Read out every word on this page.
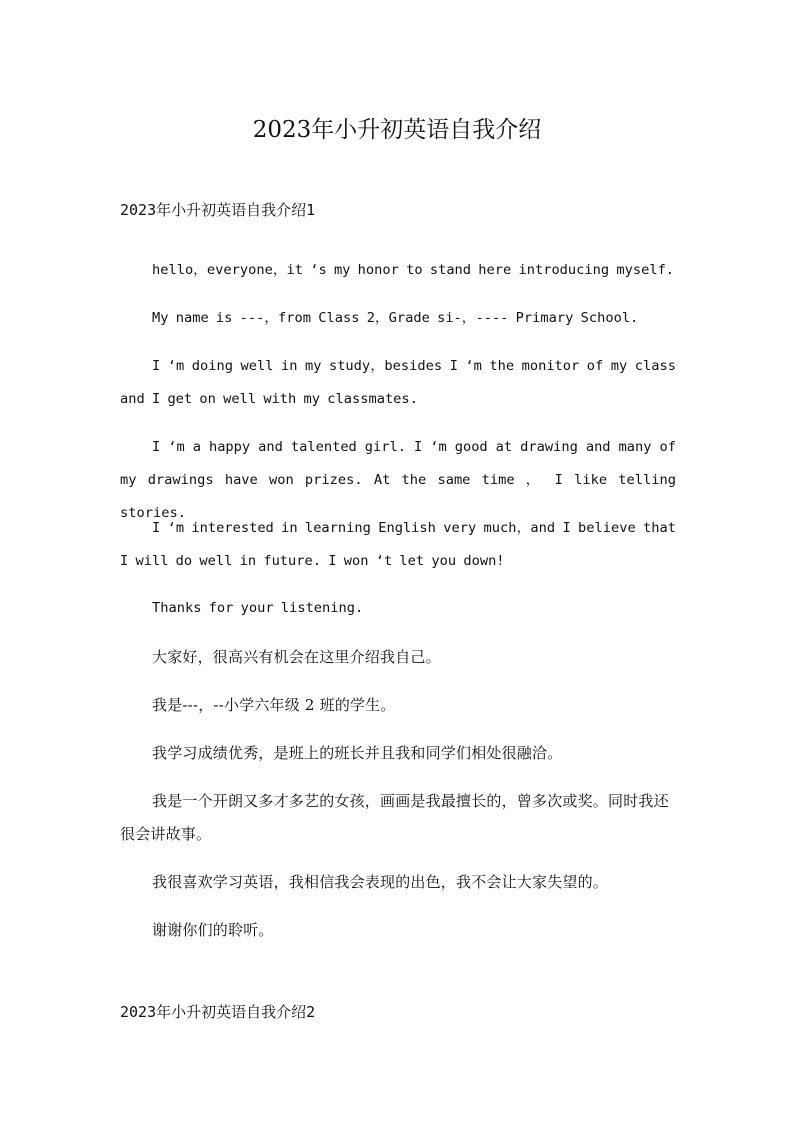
2023年小升初英语自我介绍
2023年小升初英语自我介绍1

hello，everyone，it ‘s my honor to stand here introducing myself.

My name is ---，from Class 2，Grade si-，---- Primary School.

I ‘m doing well in my study，besides I ‘m the monitor of my class and I get on well with my classmates.

I ‘m a happy and talented girl. I ‘m good at drawing and many of my drawings have won prizes. At the same time ， I like telling stories.

I ‘m interested in learning English very much，and I believe that I will do well in future. I won ‘t let you down!

Thanks for your listening.

大家好，很高兴有机会在这里介绍我自己。

我是---，--小学六年级 2 班的学生。

我学习成绩优秀，是班上的班长并且我和同学们相处很融洽。

我是一个开朗又多才多艺的女孩，画画是我最擅长的，曾多次或奖。同时我还很会讲故事。

我很喜欢学习英语，我相信我会表现的出色，我不会让大家失望的。

谢谢你们的聆听。

2023年小升初英语自我介绍2
